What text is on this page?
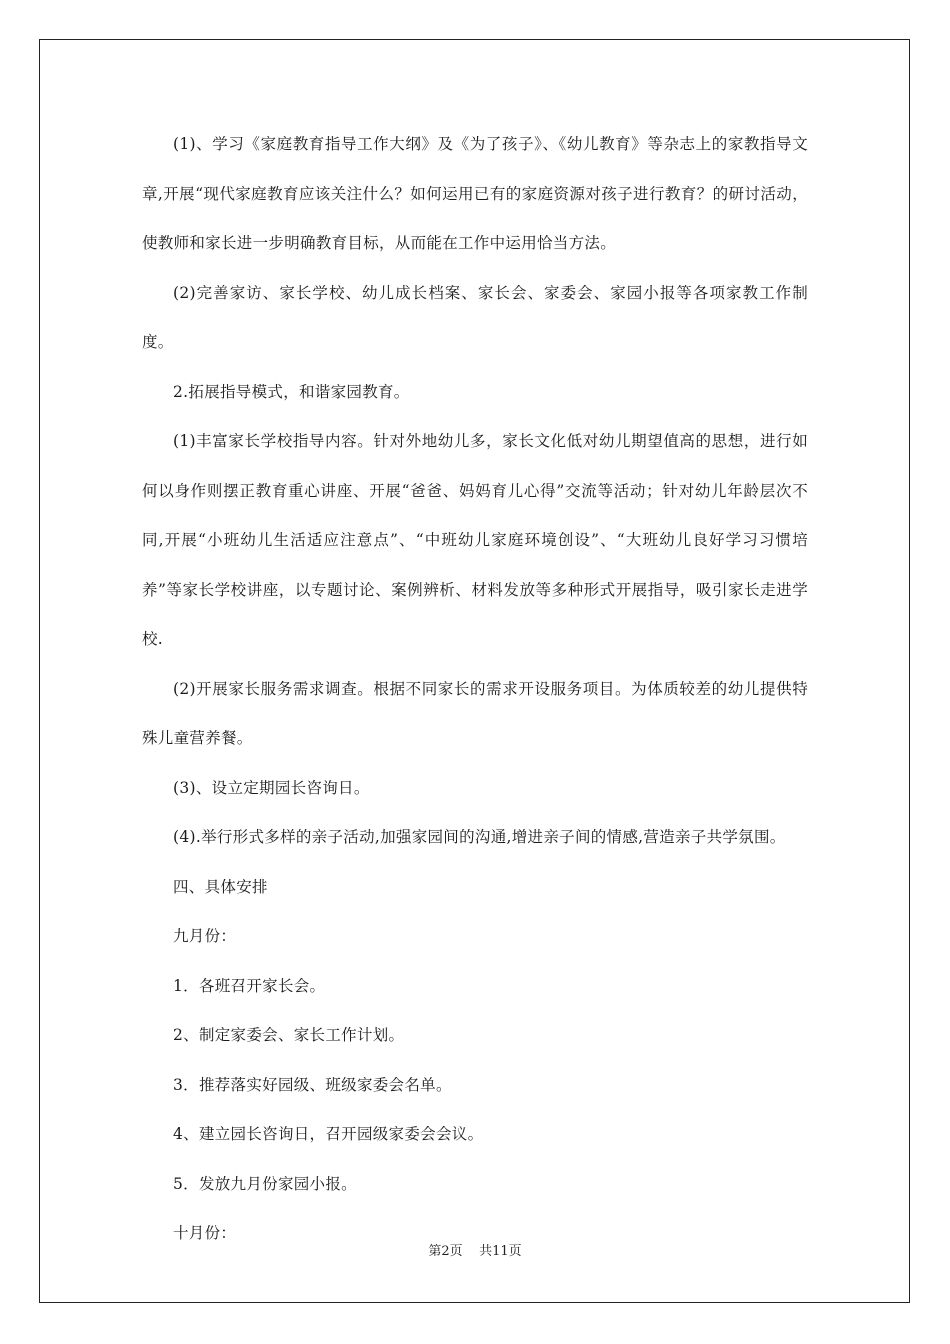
(1)、学习《家庭教育指导工作大纲》及《为了孩子》、《幼儿教育》等杂志上的家教指导文章,开展“现代家庭教育应该关注什么？如何运用已有的家庭资源对孩子进行教育？的研讨活动，使教师和家长进一步明确教育目标，从而能在工作中运用恰当方法。

(2)完善家访、家长学校、幼儿成长档案、家长会、家委会、家园小报等各项家教工作制度。

2.拓展指导模式，和谐家园教育。

(1)丰富家长学校指导内容。针对外地幼儿多，家长文化低对幼儿期望值高的思想，进行如何以身作则摆正教育重心讲座、开展“爸爸、妈妈育儿心得”交流等活动；针对幼儿年龄层次不同,开展“小班幼儿生活适应注意点”、“中班幼儿家庭环境创设”、“大班幼儿良好学习习惯培养”等家长学校讲座，以专题讨论、案例辨析、材料发放等多种形式开展指导，吸引家长走进学校.

(2)开展家长服务需求调查。根据不同家长的需求开设服务项目。为体质较差的幼儿提供特殊儿童营养餐。

(3)、设立定期园长咨询日。

(4).举行形式多样的亲子活动,加强家园间的沟通,增进亲子间的情感,营造亲子共学氛围。

四、具体安排

九月份：

1．各班召开家长会。

2、制定家委会、家长工作计划。

3．推荐落实好园级、班级家委会名单。

4、建立园长咨询日，召开园级家委会会议。

5．发放九月份家园小报。

十月份：

第2页    共11页
